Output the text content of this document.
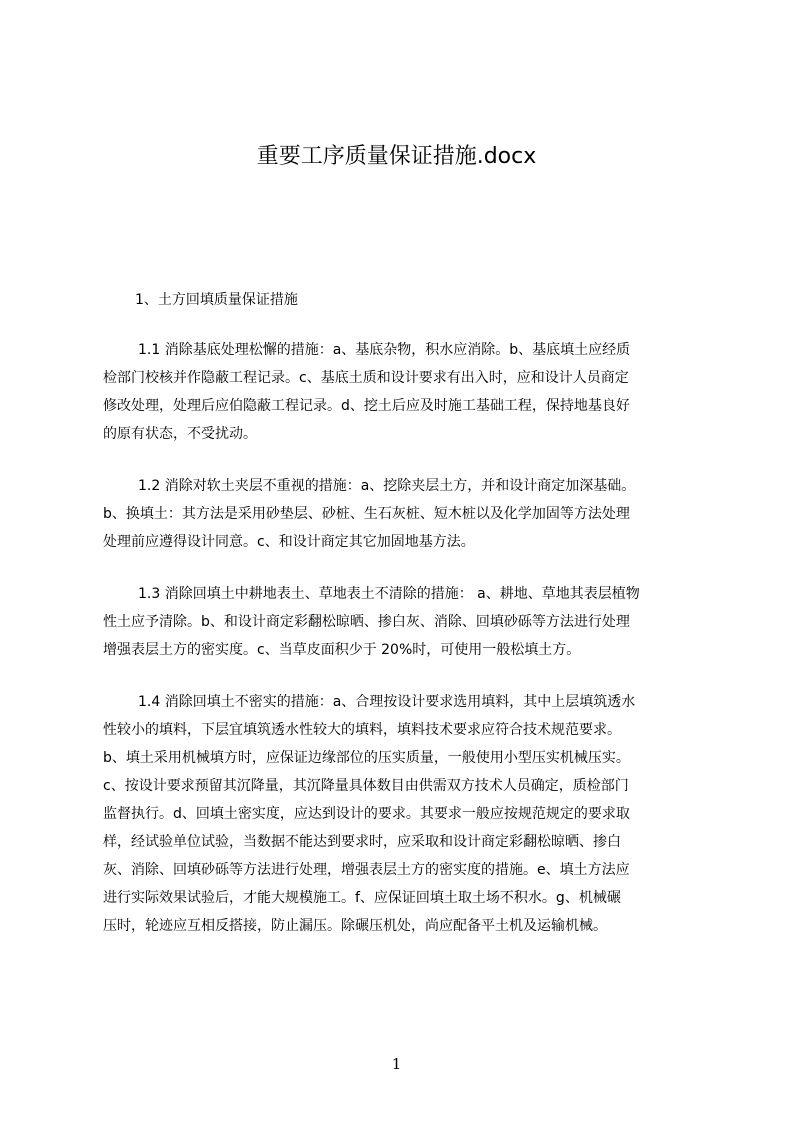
重要工序质量保证措施.docx
1、土方回填质量保证措施
1.1 消除基底处理松懈的措施：a、基底杂物，积水应消除。b、基底填土应经质
检部门校核并作隐蔽工程记录。c、基底土质和设计要求有出入时，应和设计人员商定
修改处理，处理后应伯隐蔽工程记录。d、挖土后应及时施工基础工程，保持地基良好
的原有状态，不受扰动。
1.2 消除对软土夹层不重视的措施：a、挖除夹层土方，并和设计商定加深基础。
b、换填土：其方法是采用砂垫层、砂桩、生石灰桩、短木桩以及化学加固等方法处理
处理前应遵得设计同意。c、和设计商定其它加固地基方法。
1.3 消除回填土中耕地表土、草地表土不清除的措施： a、耕地、草地其表层植物
性土应予清除。b、和设计商定彩翻松晾晒、掺白灰、消除、回填砂砾等方法进行处理
增强表层土方的密实度。c、当草皮面积少于 20%时，可使用一般松填土方。
1.4 消除回填土不密实的措施：a、合理按设计要求选用填料，其中上层填筑透水
性较小的填料，下层宜填筑透水性较大的填料，填料技术要求应符合技术规范要求。
b、填土采用机械填方时，应保证边缘部位的压实质量，一般使用小型压实机械压实。
c、按设计要求预留其沉降量，其沉降量具体数目由供需双方技术人员确定，质检部门
监督执行。d、回填土密实度，应达到设计的要求。其要求一般应按规范规定的要求取
样，经试验单位试验，当数据不能达到要求时，应采取和设计商定彩翻松晾晒、掺白
灰、消除、回填砂砾等方法进行处理，增强表层土方的密实度的措施。e、填土方法应
进行实际效果试验后，才能大规模施工。f、应保证回填土取土场不积水。g、机械碾
压时，轮迹应互相反搭接，防止漏压。除碾压机处，尚应配备平土机及运输机械。
1
